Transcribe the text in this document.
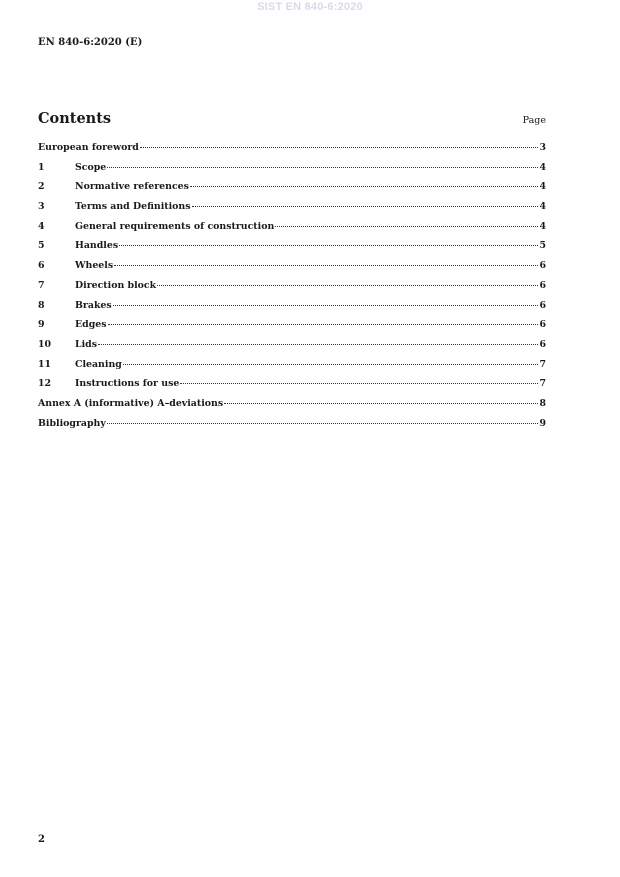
SIST EN 840-6:2020
EN 840-6:2020 (E)
Contents	Page
European foreword	3
1	Scope	4
2	Normative references	4
3	Terms and Definitions	4
4	General requirements of construction	4
5	Handles	5
6	Wheels	6
7	Direction block	6
8	Brakes	6
9	Edges	6
10	Lids	6
11	Cleaning	7
12	Instructions for use	7
Annex A (informative) A–deviations	8
Bibliography	9
2
